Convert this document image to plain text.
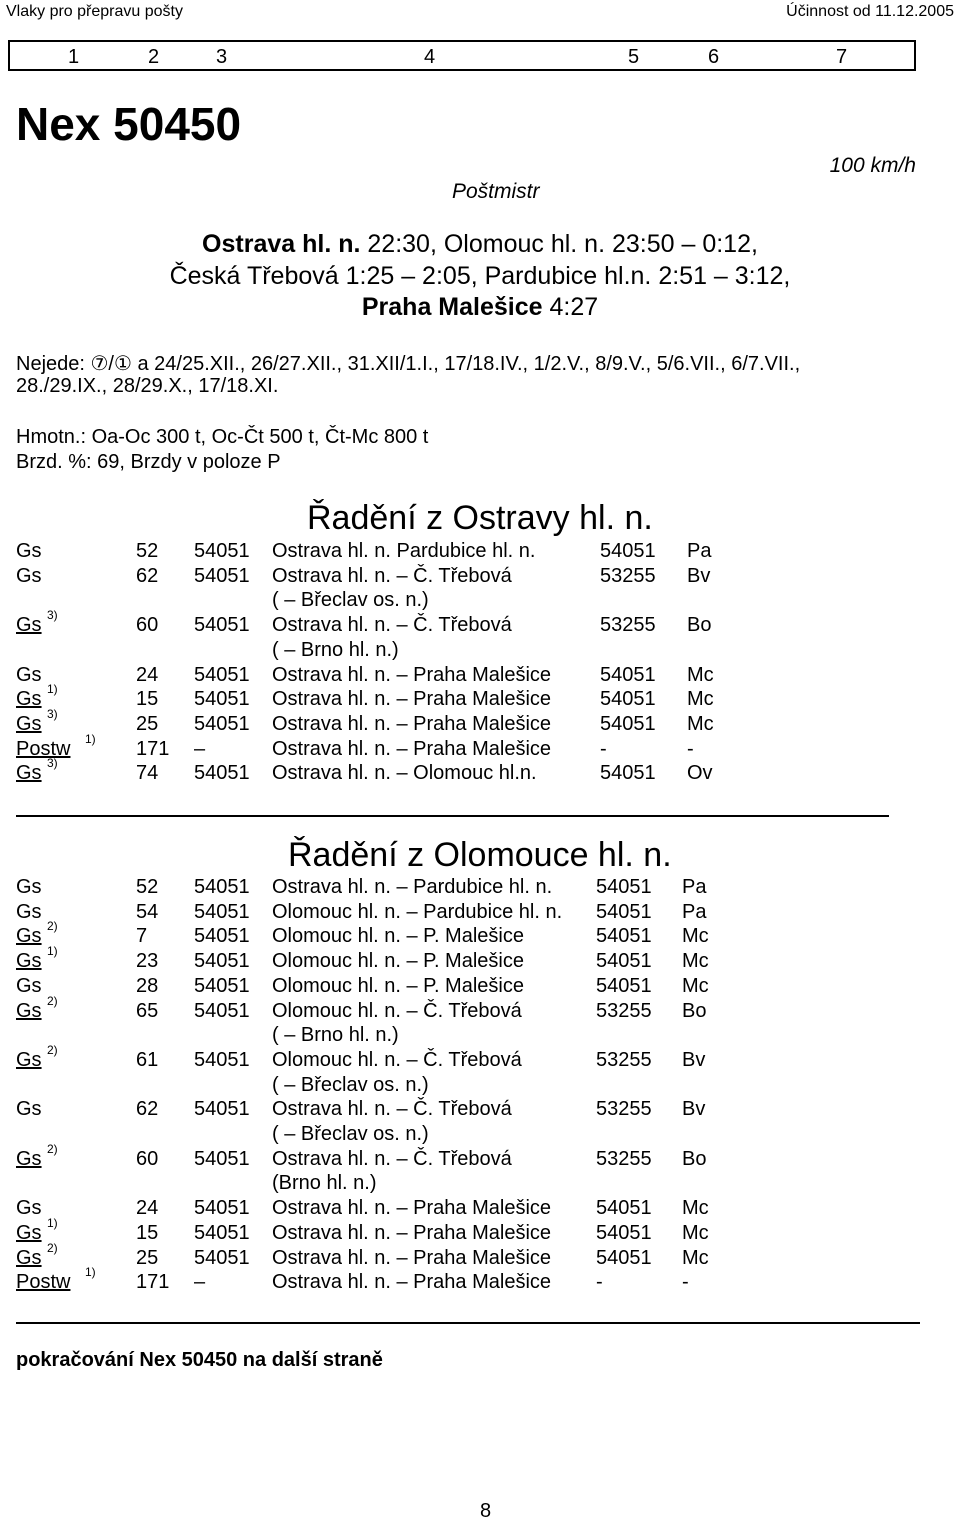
Vlaky pro přepravu pošty	Účinnost od 11.12.2005
1	2	3	4	5	6	7
Nex 50450
100 km/h
Poštmistr
Ostrava hl. n. 22:30, Olomouc hl. n. 23:50 – 0:12,
Česká Třebová 1:25 – 2:05, Pardubice hl.n. 2:51 – 3:12,
Praha Malešice 4:27
Nejede: ⑦/① a 24/25.XII., 26/27.XII., 31.XII/1.I., 17/18.IV., 1/2.V., 8/9.V., 5/6.VII., 6/7.VII.,
28./29.IX., 28/29.X., 17/18.XI.
Hmotn.: Oa-Oc 300 t, Oc-Čt 500 t, Čt-Mc 800 t
Brzd. %: 69, Brzdy v poloze P
Řadění z Ostravy hl. n.
Gs	52 54051 Ostrava hl. n. Pardubice hl. n.	54051 Pa
Gs	62 54051 Ostrava hl. n. – Č. Třebová	53255 Bv
( – Břeclav os. n.)
Gs 3)	60 54051 Ostrava hl. n. – Č. Třebová	53255 Bo
( – Brno hl. n.)
Gs	24 54051 Ostrava hl. n. – Praha Malešice 54051 Mc
Gs 1)	15 54051 Ostrava hl. n. – Praha Malešice 54051 Mc
Gs 3)	25 54051 Ostrava hl. n. – Praha Malešice 54051 Mc
Postw 1) 171 –	Ostrava hl. n. – Praha Malešice -	-
Gs 3)	74 54051 Ostrava hl. n. – Olomouc hl.n.	54051 Ov
Řadění z Olomouce hl. n.
Gs	52 54051 Ostrava hl. n. – Pardubice hl. n. 54051 Pa
Gs	54 54051 Olomouc hl. n. – Pardubice hl. n. 54051 Pa
Gs 2)	7 54051 Olomouc hl. n. – P. Malešice	54051 Mc
Gs 1)	23 54051 Olomouc hl. n. – P. Malešice	54051 Mc
Gs	28 54051 Olomouc hl. n. – P. Malešice	54051 Mc
Gs 2)	65 54051 Olomouc hl. n. – Č. Třebová	53255 Bo
( – Brno hl. n.)
Gs 2)	61 54051 Olomouc hl. n. – Č. Třebová	53255 Bv
( – Břeclav os. n.)
Gs	62 54051 Ostrava hl. n. – Č. Třebová	53255 Bv
( – Břeclav os. n.)
Gs 2)	60 54051 Ostrava hl. n. – Č. Třebová	53255 Bo
(Brno hl. n.)
Gs	24 54051 Ostrava hl. n. – Praha Malešice 54051 Mc
Gs 1)	15 54051 Ostrava hl. n. – Praha Malešice 54051 Mc
Gs 2)	25 54051 Ostrava hl. n. – Praha Malešice 54051 Mc
Postw 1) 171 –	Ostrava hl. n. – Praha Malešice -	-
pokračování Nex 50450 na další straně
8
